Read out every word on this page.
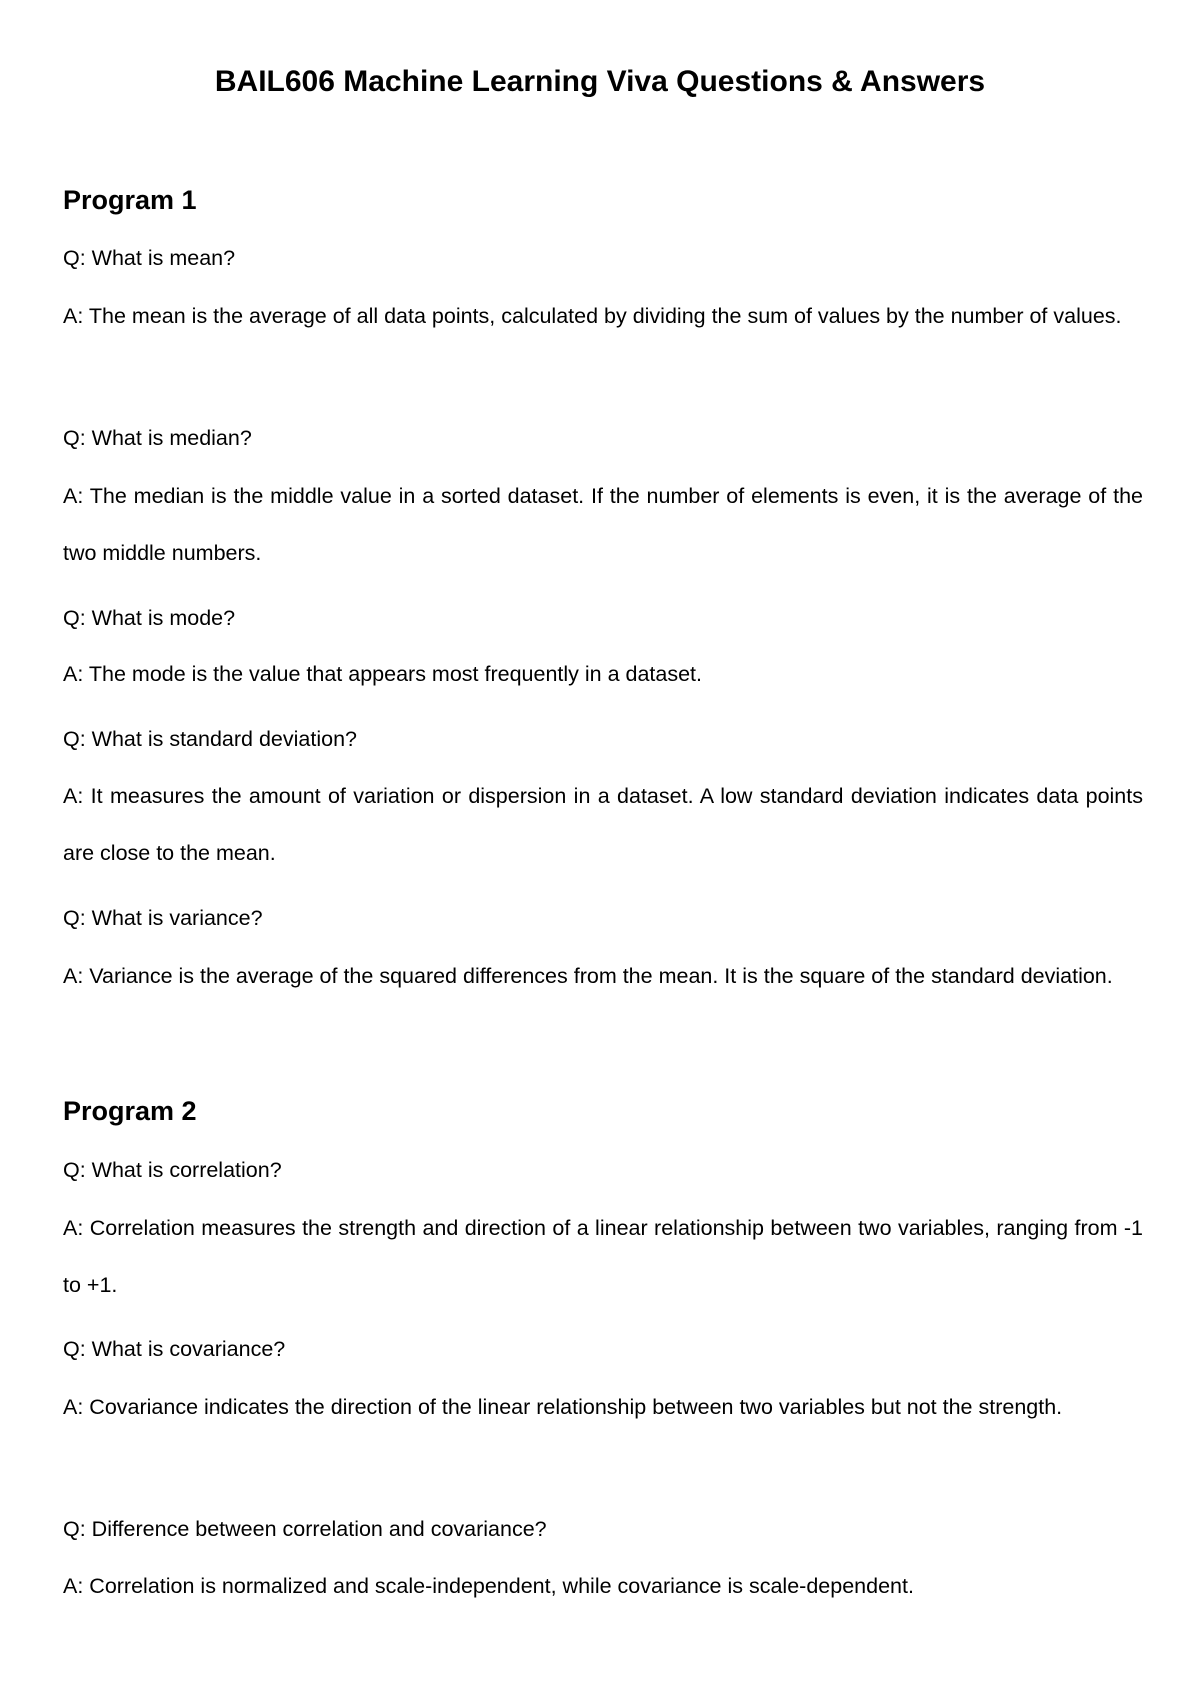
BAIL606 Machine Learning Viva Questions & Answers
Program 1

Q: What is mean?

A: The mean is the average of all data points, calculated by dividing the sum of values by the number of values.

Q: What is median?

A: The median is the middle value in a sorted dataset. If the number of elements is even, it is the average of the two middle numbers.

Q: What is mode?

A: The mode is the value that appears most frequently in a dataset.

Q: What is standard deviation?

A: It measures the amount of variation or dispersion in a dataset. A low standard deviation indicates data points are close to the mean.

Q: What is variance?

A: Variance is the average of the squared differences from the mean. It is the square of the standard deviation.

Program 2

Q: What is correlation?

A: Correlation measures the strength and direction of a linear relationship between two variables, ranging from -1 to +1.

Q: What is covariance?

A: Covariance indicates the direction of the linear relationship between two variables but not the strength.

Q: Difference between correlation and covariance?

A: Correlation is normalized and scale-independent, while covariance is scale-dependent.
